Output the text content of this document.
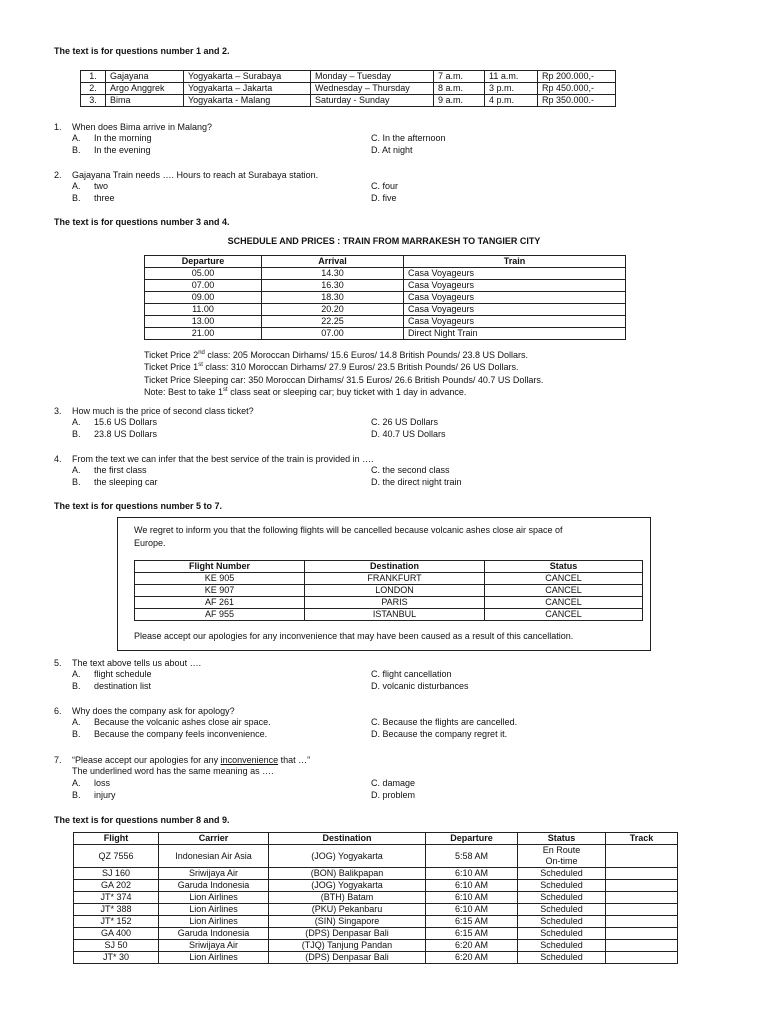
The text is for questions number 1 and 2.
1.	Gajayana	Yogyakarta – Surabaya	Monday – Tuesday	7 a.m.	11 a.m.	Rp 200.000,-
2.	Argo Anggrek	Yogyakarta – Jakarta	Wednesday – Thursday	8 a.m.	3 p.m.	Rp 450.000,-
3.	Bima	Yogyakarta - Malang	Saturday - Sunday	9 a.m.	4 p.m.	Rp 350.000.-
1. When does Bima arrive in Malang?
A. In the morning
B. In the evening
C. In the afternoon
D. At night
2. Gajayana Train needs …. Hours to reach at Surabaya station.
A. two
B. three
C. four
D. five
The text is for questions number 3 and 4.
SCHEDULE AND PRICES : TRAIN FROM MARRAKESH TO TANGIER CITY
Departure	Arrival	Train
05.00	14.30	Casa Voyageurs
07.00	16.30	Casa Voyageurs
09.00	18.30	Casa Voyageurs
11.00	20.20	Casa Voyageurs
13.00	22.25	Casa Voyageurs
21.00	07.00	Direct Night Train
Ticket Price 2nd class: 205 Moroccan Dirhams/ 15.6 Euros/ 14.8 British Pounds/ 23.8 US Dollars.
Ticket Price 1st class: 310 Moroccan Dirhams/ 27.9 Euros/ 23.5 British Pounds/ 26 US Dollars.
Ticket Price Sleeping car: 350 Moroccan Dirhams/ 31.5 Euros/ 26.6 British Pounds/ 40.7 US Dollars.
Note: Best to take 1st class seat or sleeping car; buy ticket with 1 day in advance.
3. How much is the price of second class ticket?
A. 15.6 US Dollars
B. 23.8 US Dollars
C. 26 US Dollars
D. 40.7 US Dollars
4. From the text we can infer that the best service of the train is provided in ….
A. the first class
B. the sleeping car
C. the second class
D. the direct night train
The text is for questions number 5 to 7.
We regret to inform you that the following flights will be cancelled because volcanic ashes close air space of
Europe.
Flight Number	Destination	Status
KE 905	FRANKFURT	CANCEL
KE 907	LONDON	CANCEL
AF 261	PARIS	CANCEL
AF 955	ISTANBUL	CANCEL
Please accept our apologies for any inconvenience that may have been caused as a result of this cancellation.
5. The text above tells us about ….
A. flight schedule
B. destination list
C. flight cancellation
D. volcanic disturbances
6. Why does the company ask for apology?
A. Because the volcanic ashes close air space.
B. Because the company feels inconvenience.
C. Because the flights are cancelled.
D. Because the company regret it.
7. “Please accept our apologies for any inconvenience that …”
The underlined word has the same meaning as ….
A. loss
B. injury
C. damage
D. problem
The text is for questions number 8 and 9.
Flight	Carrier	Destination	Departure	Status	Track
QZ 7556	Indonesian Air Asia	(JOG) Yogyakarta	5:58 AM	En Route
On-time	

SJ 160	Sriwijaya Air	(BON) Balikpapan	6:10 AM	Scheduled	
GA 202	Garuda Indonesia	(JOG) Yogyakarta	6:10 AM	Scheduled	
JT* 374	Lion Airlines	(BTH) Batam	6:10 AM	Scheduled	
JT* 388	Lion Airlines	(PKU) Pekanbaru	6:10 AM	Scheduled	
JT* 152	Lion Airlines	(SIN) Singapore	6:15 AM	Scheduled	
GA 400	Garuda Indonesia	(DPS) Denpasar Bali	6:15 AM	Scheduled	
SJ 50	Sriwijaya Air	(TJQ) Tanjung Pandan	6:20 AM	Scheduled	
JT* 30	Lion Airlines	(DPS) Denpasar Bali	6:20 AM	Scheduled	
